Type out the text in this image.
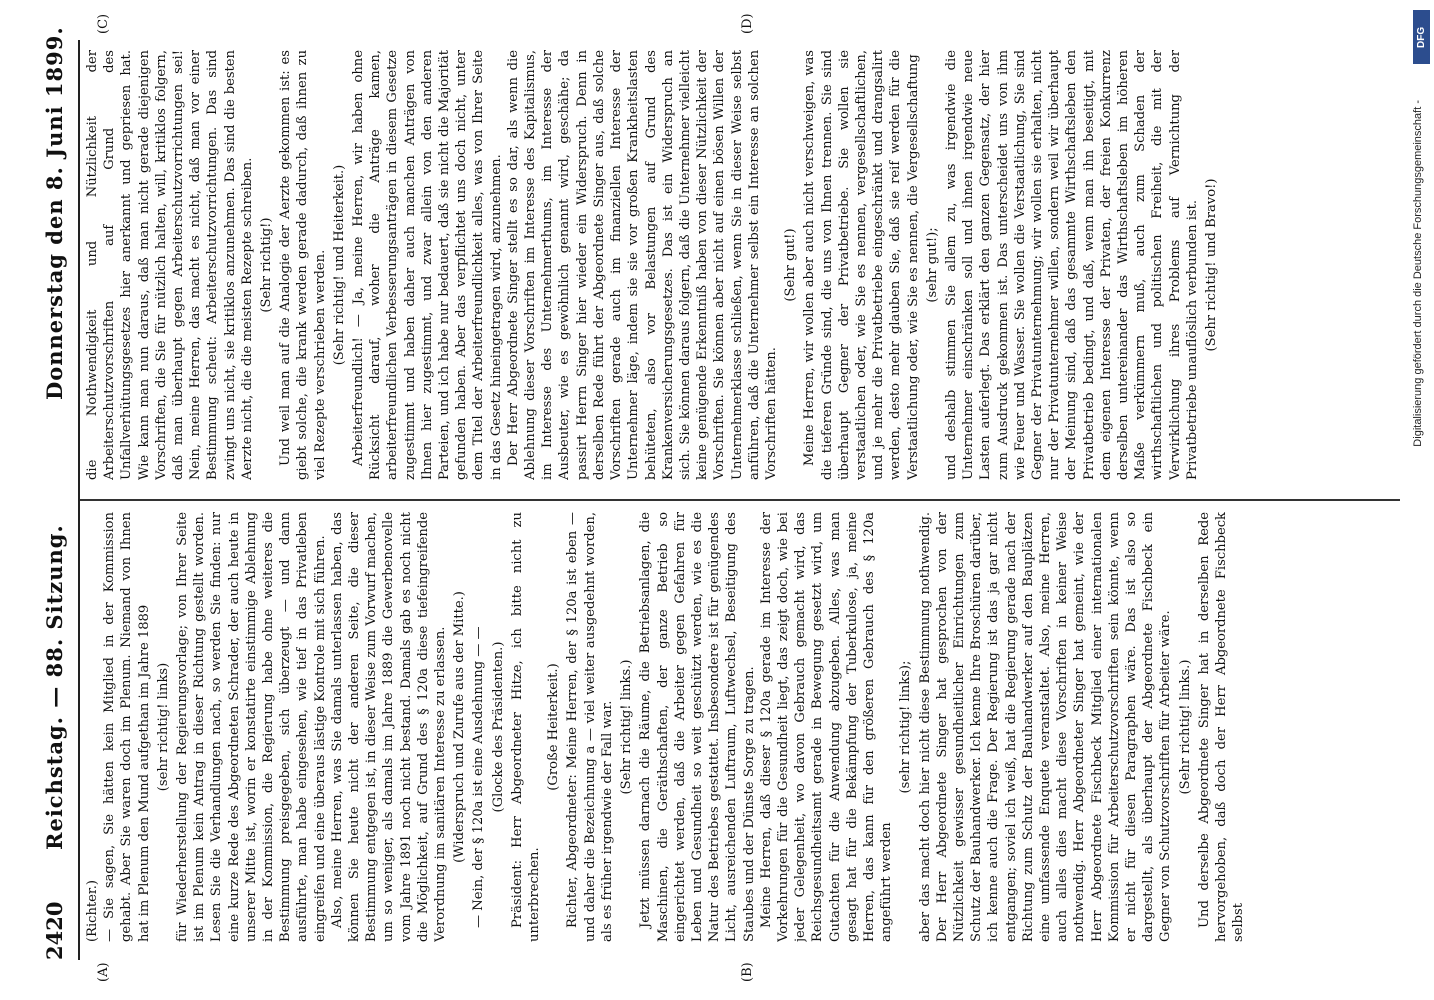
2420
Reichstag. — 88. Sitzung.
Donnerstag den 8. Juni 1899.
(A)	(B)
(C)	(D)

(Richter.) — Sie sagen, Sie hätten kein Mitglied in der Kommission gehabt. Aber Sie waren doch im Plenum. Niemand von Ihnen hat im Plenum den Mund aufgethan im Jahre 1889 (sehr richtig! links) für Wiederherstellung der Regierungsvorlage; von Ihrer Seite ist im Plenum kein Antrag in dieser Richtung gestellt worden. Lesen Sie die Verhandlungen nach, so werden Sie finden: nur eine kurze Rede des Abgeordneten Schrader, der auch heute in unserer Mitte ist, worin er konstatirte einstimmige Ablehnung in der Kommission, die Regierung habe ohne weiteres die Bestimmung preisgegeben, sich überzeugt — und dann ausführte, man habe eingesehen, wie tief in das Privatleben eingreifen und eine überaus lästige Kontrole mit sich führen. Also, meine Herren, was Sie damals unterlassen haben, das können Sie heute nicht der anderen Seite, die dieser Bestimmung entgegen ist, in dieser Weise zum Vorwurf machen, um so weniger, als damals im Jahre 1889 die Gewerbenovelle vom Jahre 1891 noch nicht bestand. Damals gab es noch nicht die Möglichkeit, auf Grund des § 120a diese tiefeingreifende Verordnung im sanitären Interesse zu erlassen. (Widerspruch und Zurufe aus der Mitte.) — Nein, der § 120a ist eine Ausdehnung — — (Glocke des Präsidenten.) Präsident: Herr Abgeordneter Hitze, ich bitte nicht zu unterbrechen.

(Große Heiterkeit.) Richter, Abgeordneter: Meine Herren, der § 120a ist eben — und daher die Bezeichnung a — viel weiter ausgedehnt worden, als es früher irgendwie der Fall war. (Sehr richtig! links.) Jetzt müssen darnach die Räume, die Betriebsanlagen, die Maschinen, die Geräthschaften, der ganze Betrieb so eingerichtet werden, daß die Arbeiter gegen Gefahren für Leben und Gesundheit so weit geschützt werden, wie es die Natur des Betriebes gestattet. Insbesondere ist für genügendes Licht, ausreichenden Luftraum, Luftwechsel, Beseitigung des Staubes und der Dünste Sorge zu tragen. Meine Herren, daß dieser § 120a gerade im Interesse der Vorkehrungen für die Gesundheit liegt, das zeigt doch, wie bei jeder Gelegenheit, wo davon Gebrauch gemacht wird, das Reichsgesundheitsamt gerade in Bewegung gesetzt wird, um Gutachten für die Anwendung abzugeben. Alles, was man gesagt hat für die Bekämpfung der Tuberkulose, ja, meine Herren, das kann für den größeren Gebrauch des § 120a angeführt werden

(sehr richtig! links); aber das macht doch hier nicht diese Bestimmung nothwendig. Der Herr Abgeordnete Singer hat gesprochen von der Nützlichkeit gewisser gesundheitlicher Einrichtungen zum Schutz der Bauhandwerker. Ich kenne Ihre Broschüren darüber, ich kenne auch die Frage. Der Regierung ist das ja gar nicht entgangen; soviel ich weiß, hat die Regierung gerade nach der Richtung zum Schutz der Bauhandwerker auf den Bauplätzen eine umfassende Enquete veranstaltet. Also, meine Herren, auch alles dies macht diese Vorschriften in keiner Weise nothwendig. Herr Abgeordneter Singer hat gemeint, wie der Herr Abgeordnete Fischbeck Mitglied einer internationalen Kommission für Arbeiterschutzvorschriften sein könnte, wenn er nicht für diesen Paragraphen wäre. Das ist also so dargestellt, als überhaupt der Abgeordnete Fischbeck ein Gegner von Schutzvorschriften für Arbeiter wäre. (Sehr richtig! links.) Und derselbe Abgeordnete Singer hat in derselben Rede hervorgehoben, daß doch der Herr Abgeordnete Fischbeck selbst

die Nothwendigkeit und Nützlichkeit der Arbeiterschutzvorschriften auf Grund des Unfallverhütungsgesetzes hier anerkannt und gepriesen hat. Wie kann man nun daraus, daß man nicht gerade diejenigen Vorschriften, die Sie für nützlich halten, will, kritiklos folgern, daß man überhaupt gegen Arbeiterschutzvorrichtungen sei! Nein, meine Herren, das macht es nicht, daß man vor einer Bestimmung scheut: Arbeiterschutzvorrichtungen. Das sind zwingt uns nicht, sie kritiklos anzunehmen. Das sind die besten Aerzte nicht, die die meisten Rezepte schreiben. (Sehr richtig!) Und weil man auf die Analogie der Aerzte gekommen ist: es giebt solche, die krank werden gerade dadurch, daß ihnen zu viel Rezepte verschrieben werden. (Sehr richtig! und Heiterkeit.) Arbeiterfreundlich! — Ja, meine Herren, wir haben ohne Rücksicht darauf, woher die Anträge kamen, arbeiterfreundlichen Verbesserungsanträgen in diesem Gesetze zugestimmt und haben daher auch manchen Anträgen von Ihnen hier zugestimmt, und zwar allein von den anderen Parteien, und ich habe nur bedauert, daß sie nicht die Majorität gefunden haben. Aber das verpflichtet uns doch nicht, unter dem Titel der Arbeiterfreundlichkeit alles, was von Ihrer Seite in das Gesetz hineingetragen wird, anzunehmen. Der Herr Abgeordnete Singer stellt es so dar, als wenn die Ablehnung dieser Vorschriften im Interesse des Kapitalismus, im Interesse des Unternehmerthums, im Interesse der Ausbeuter, wie es gewöhnlich genannt wird, geschähe; da passirt Herrn Singer hier wieder ein Widerspruch. Denn in derselben Rede führt der Abgeordnete Singer aus, daß solche Vorschriften gerade auch im finanziellen Interesse der Unternehmer läge, indem sie sie vor großen Krankheitslasten behüteten, also vor Belastungen auf Grund des Krankenversicherungsgesetzes. Das ist ein Widerspruch an sich. Sie können daraus folgern, daß die Unternehmer vielleicht keine genügende Erkenntniß haben von dieser Nützlichkeit der Vorschriften. Sie können aber nicht auf einen bösen Willen der Unternehmerklasse schließen, wenn Sie in dieser Weise selbst anführen, daß die Unternehmer selbst ein Interesse an solchen Vorschriften hätten.

(Sehr gut!) Meine Herren, wir wollen aber auch nicht verschweigen, was die tieferen Gründe sind, die uns von Ihnen trennen. Sie sind überhaupt Gegner der Privatbetriebe. Sie wollen sie verstaatlichen oder, wie Sie es nennen, vergesellschaftlichen, und je mehr die Privatbetriebe eingeschränkt und drangsalirt werden, desto mehr glauben Sie, daß sie reif werden für die Verstaatlichung oder, wie Sie es nennen, die Vergesellschaftung (sehr gut!); und deshalb stimmen Sie allem zu, was irgendwie die Unternehmer einschränken soll und ihnen irgendwie neue Lasten auferlegt. Das erklärt den ganzen Gegensatz, der hier zum Ausdruck gekommen ist. Das unterscheidet uns von ihm wie Feuer und Wasser. Sie wollen die Verstaatlichung, Sie sind Gegner der Privatunternehmung; wir wollen sie erhalten, nicht nur der Privatunternehmer willen, sondern weil wir überhaupt der Meinung sind, daß das gesammte Wirthschaftsleben den Privatbetrieb bedingt, und daß, wenn man ihn beseitigt, mit dem eigenen Interesse der Privaten, der freien Konkurrenz derselben untereinander das Wirthschaftsleben im höheren Maße verkümmern muß, auch zum Schaden der wirthschaftlichen und politischen Freiheit, die mit der Verwirklichung ihres Problems auf Vernichtung der Privatbetriebe unauflöslich verbunden ist. (Sehr richtig! und Bravo!)

DFG
Digitalisierung gefördert durch die Deutsche Forschungsgemeinschaft -
